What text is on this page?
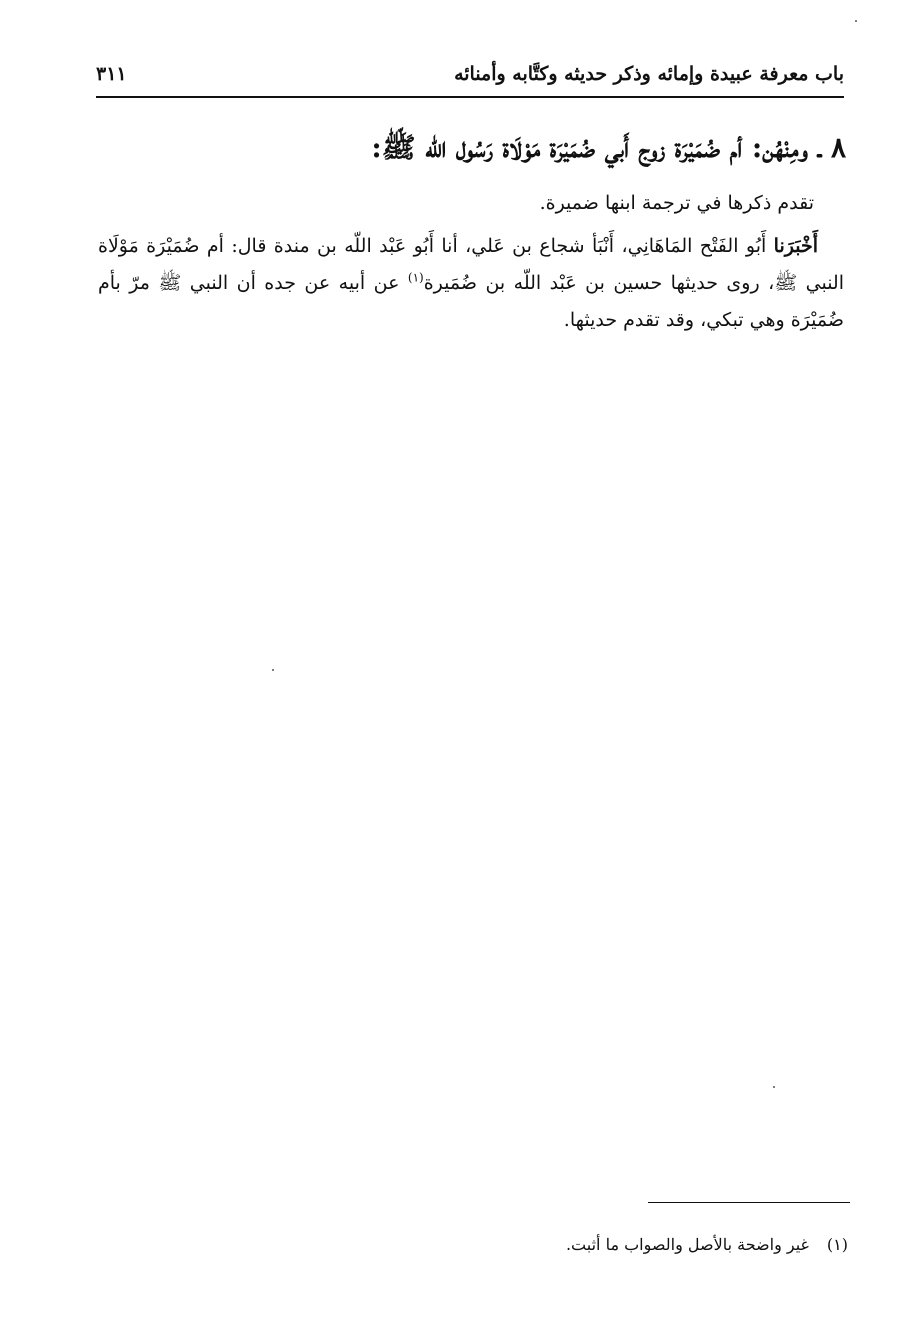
باب معرفة عبيدة وإمائه وذكر حديثه وكتَّابه وأمنائه
٣١١
٨ ـ ومِنْهُن: أم ضُمَيْرَة زوج أَبي ضُمَيْرَة مَوْلَاة رَسُول الله ﷺ:

تقدم ذكرها في ترجمة ابنها ضميرة.

أَخْبَرَنا أَبُو الفَتْح المَاهَانِي، أَنْبَأ شجاع بن عَلي، أنا أَبُو عَبْد اللّه بن مندة قال: أم ضُمَيْرَة مَوْلَاة النبي ﷺ، روى حديثها حسين بن عَبْد اللّه بن ضُمَيرة$^{(١)}$ عن أبيه عن جده أن النبي ﷺ مرّ بأم ضُمَيْرَة وهي تبكي، وقد تقدم حديثها.

(١)غير واضحة بالأصل والصواب ما أثبت.
